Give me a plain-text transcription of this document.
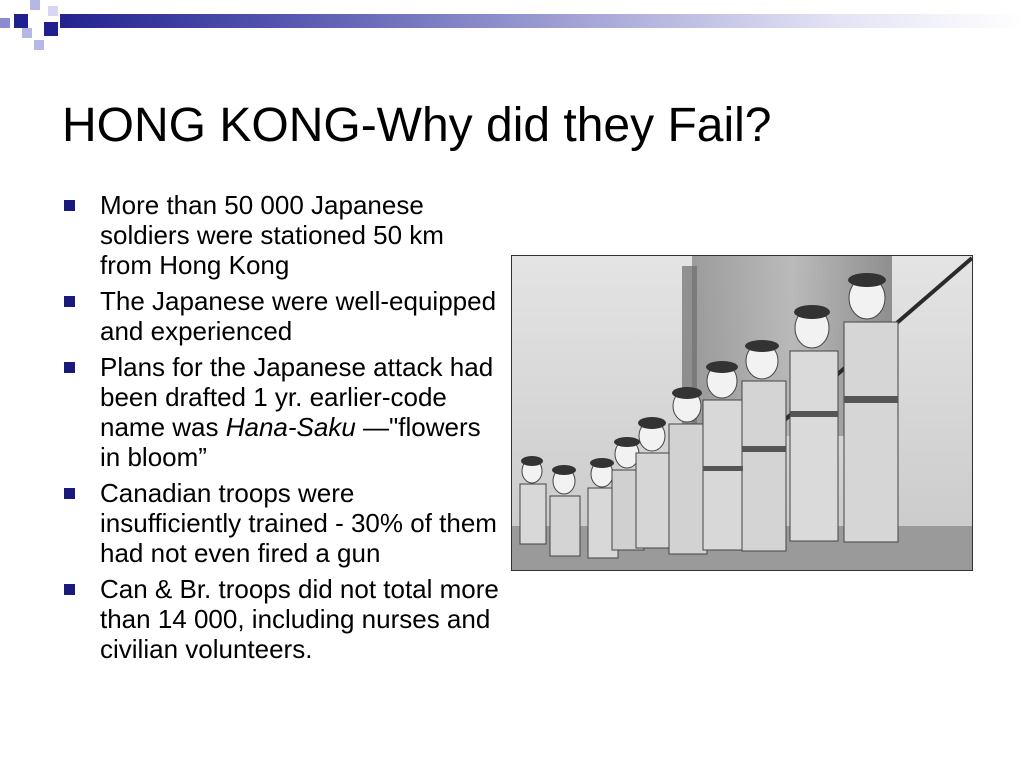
HONG KONG-Why did they Fail?
More than 50 000 Japanese soldiers were stationed 50 km from Hong Kong
The Japanese were well-equipped and experienced
Plans for the Japanese attack had been drafted 1 yr. earlier-code name was Hana-Saku —"flowers in bloom”
Canadian troops were insufficiently trained - 30% of them had not even fired a gun
Can & Br. troops did not total more than 14 000, including nurses and civilian volunteers.
